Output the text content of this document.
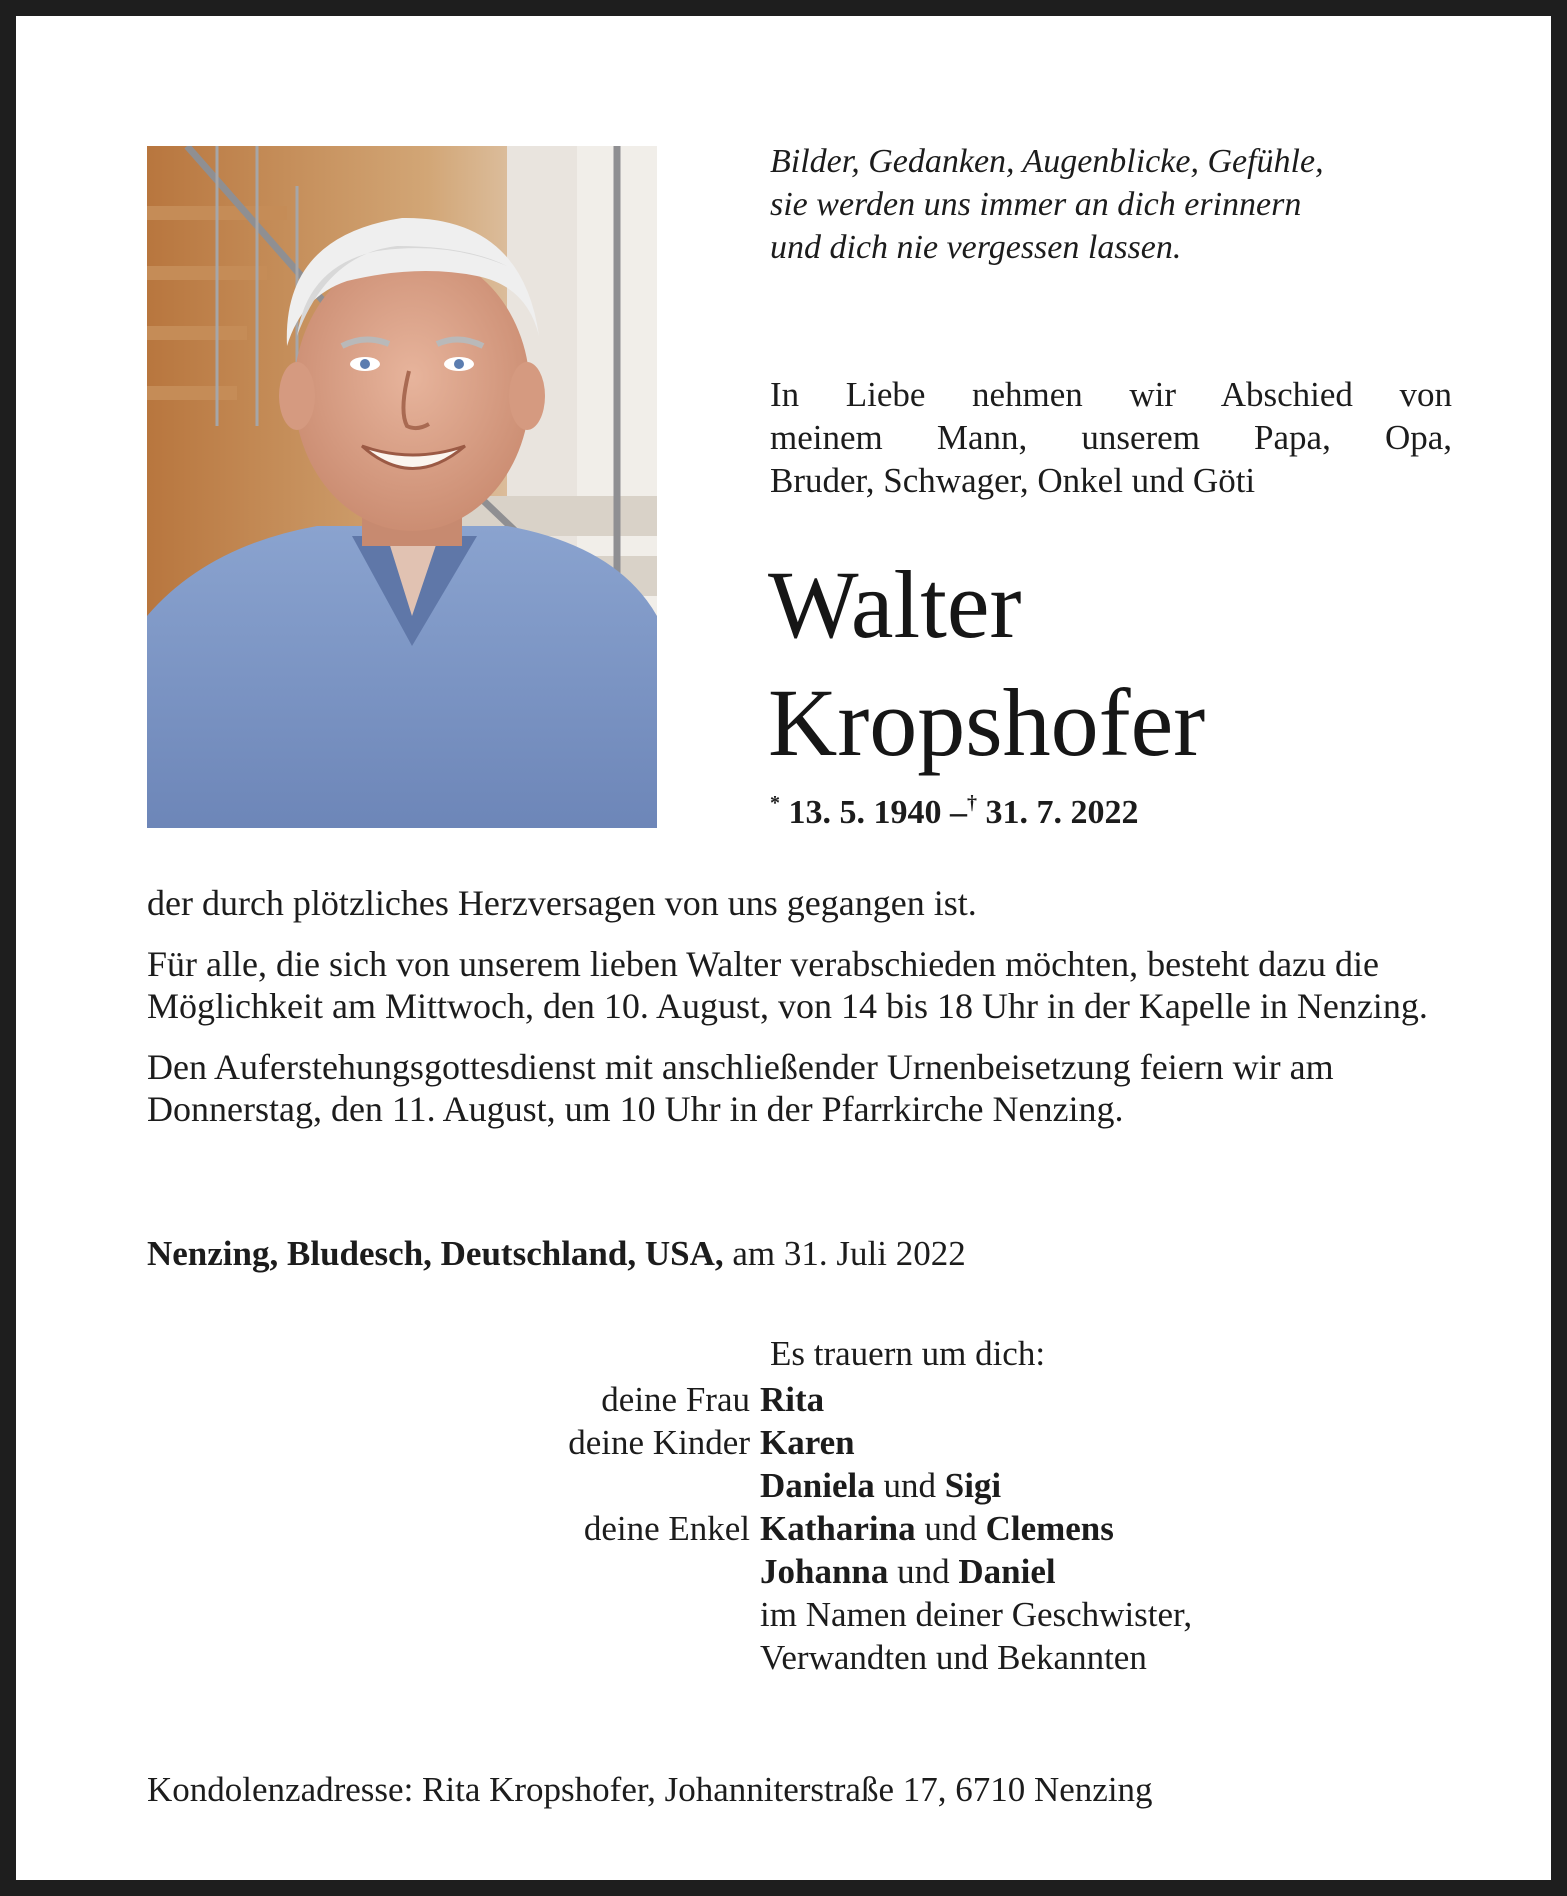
Bilder, Gedanken, Augenblicke, Gefühle,
sie werden uns immer an dich erinnern
und dich nie vergessen lassen.
In Liebe nehmen wir Abschied von
meinem Mann, unserem Papa, Opa,
Bruder, Schwager, Onkel und Göti
Walter
Kropshofer
* 13. 5. 1940 –† 31. 7. 2022

der durch plötzliches Herzversagen von uns gegangen ist.

Für alle, die sich von unserem lieben Walter verabschieden möchten, besteht dazu die Möglichkeit am Mittwoch, den 10. August, von 14 bis 18 Uhr in der Kapelle in Nenzing.

Den Auferstehungsgottesdienst mit anschließender Urnenbeisetzung feiern wir am Donnerstag, den 11. August, um 10 Uhr in der Pfarrkirche Nenzing.

Nenzing, Bludesch, Deutschland, USA, am 31. Juli 2022
Es trauern um dich:
deine Frau Rita
deine Kinder Karen
Daniela und Sigi
deine Enkel Katharina und Clemens
Johanna und Daniel
im Namen deiner Geschwister,
Verwandten und Bekannten
Kondolenzadresse: Rita Kropshofer, Johanniterstraße 17, 6710 Nenzing
